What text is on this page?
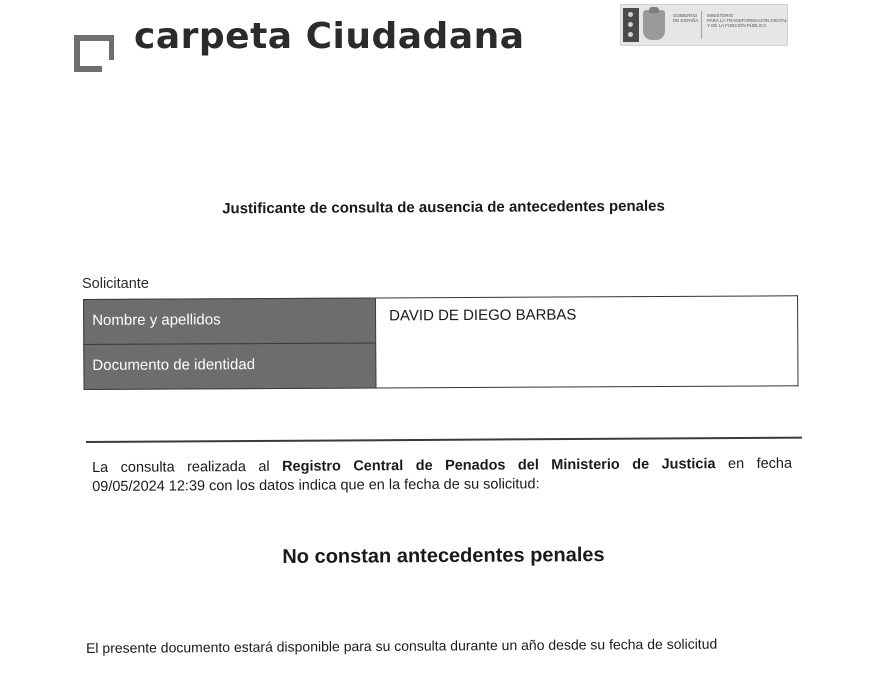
carpeta Ciudadana
GOBIERNO
DE ESPAÑA
MINISTERIO
PARA LA TRANSFORMACIÓN DIGITAL
Y DE LA FUNCIÓN PÚBLICA
Justificante de consulta de ausencia de antecedentes penales
Solicitante
Nombre y apellidos	DAVID DE DIEGO BARBAS
Documento de identidad
La consulta realizada al Registro Central de Penados del Ministerio de Justicia en fecha
09/05/2024 12:39 con los datos indica que en la fecha de su solicitud:
No constan antecedentes penales
El presente documento estará disponible para su consulta durante un año desde su fecha de solicitud
